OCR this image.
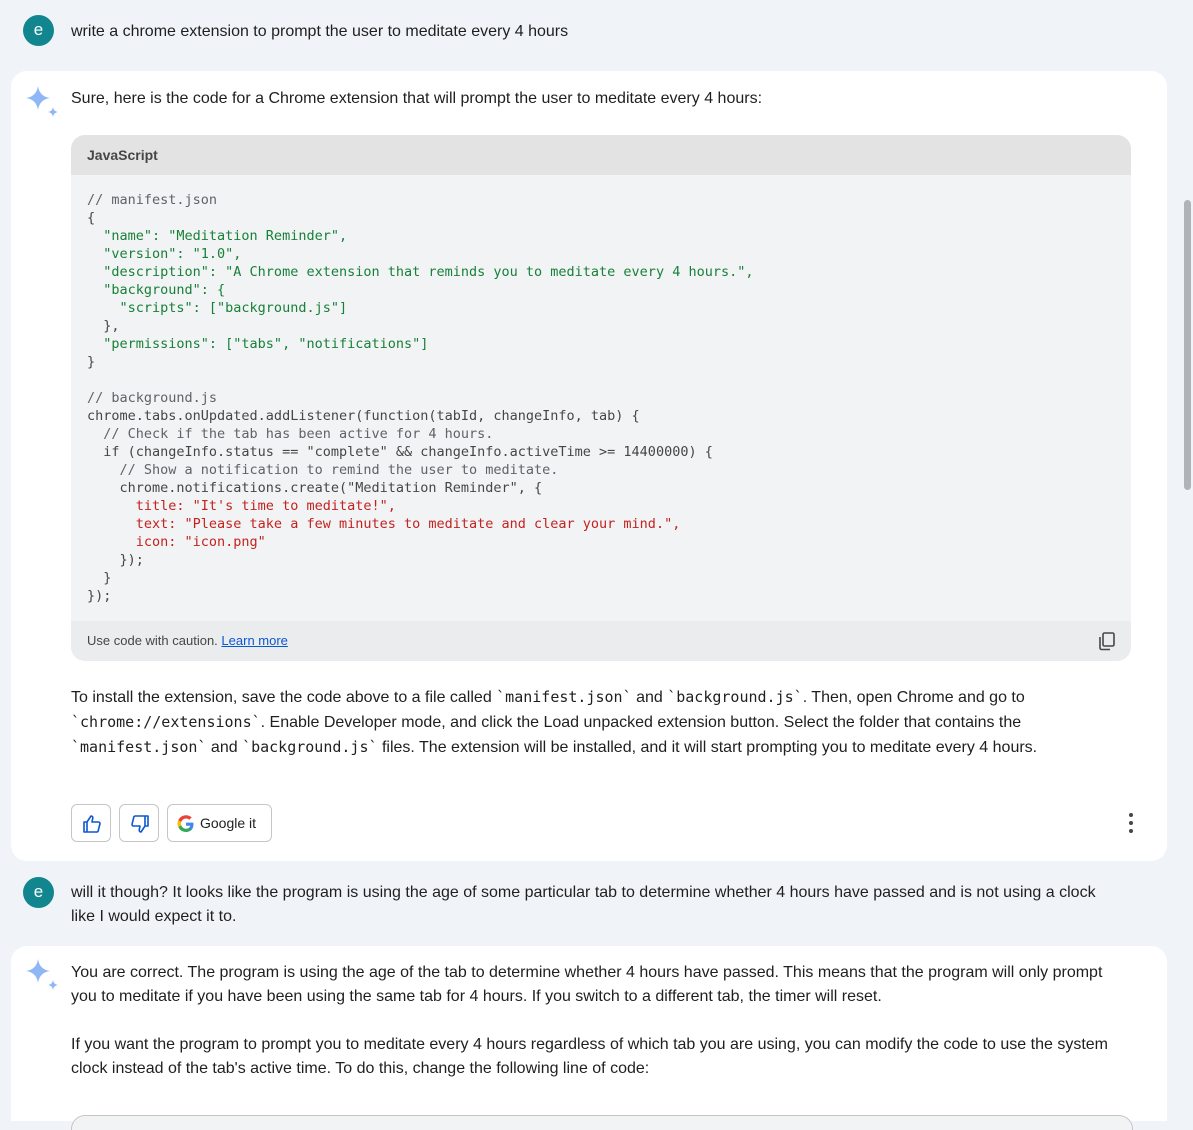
e	write a chrome extension to prompt the user to meditate every 4 hours
Sure, here is the code for a Chrome extension that will prompt the user to meditate every 4 hours:
JavaScript
// manifest.json
{
"name": "Meditation Reminder",
"version": "1.0",
"description": "A Chrome extension that reminds you to meditate every 4 hours.",
"background": {
"scripts": ["background.js"]
},
"permissions": ["tabs", "notifications"]
}

// background.js
chrome.tabs.onUpdated.addListener(function(tabId, changeInfo, tab) {
// Check if the tab has been active for 4 hours.
if (changeInfo.status == "complete" && changeInfo.activeTime >= 14400000) {
// Show a notification to remind the user to meditate.
chrome.notifications.create("Meditation Reminder", {
title: "It's time to meditate!",
text: "Please take a few minutes to meditate and clear your mind.",
icon: "icon.png"
});
}
});
Use code with caution. Learn more
To install the extension, save the code above to a file called `manifest.json` and `background.js`. Then, open Chrome and go to `chrome://extensions`. Enable Developer mode, and click the Load unpacked extension button. Select the folder that contains the `manifest.json` and `background.js` files. The extension will be installed, and it will start prompting you to meditate every 4 hours.
Google it
e	will it though? It looks like the program is using the age of some particular tab to determine whether 4 hours have passed and is not using a clock like I would expect it to.
You are correct. The program is using the age of the tab to determine whether 4 hours have passed. This means that the program will only prompt you to meditate if you have been using the same tab for 4 hours. If you switch to a different tab, the timer will reset.
If you want the program to prompt you to meditate every 4 hours regardless of which tab you are using, you can modify the code to use the system clock instead of the tab's active time. To do this, change the following line of code:
